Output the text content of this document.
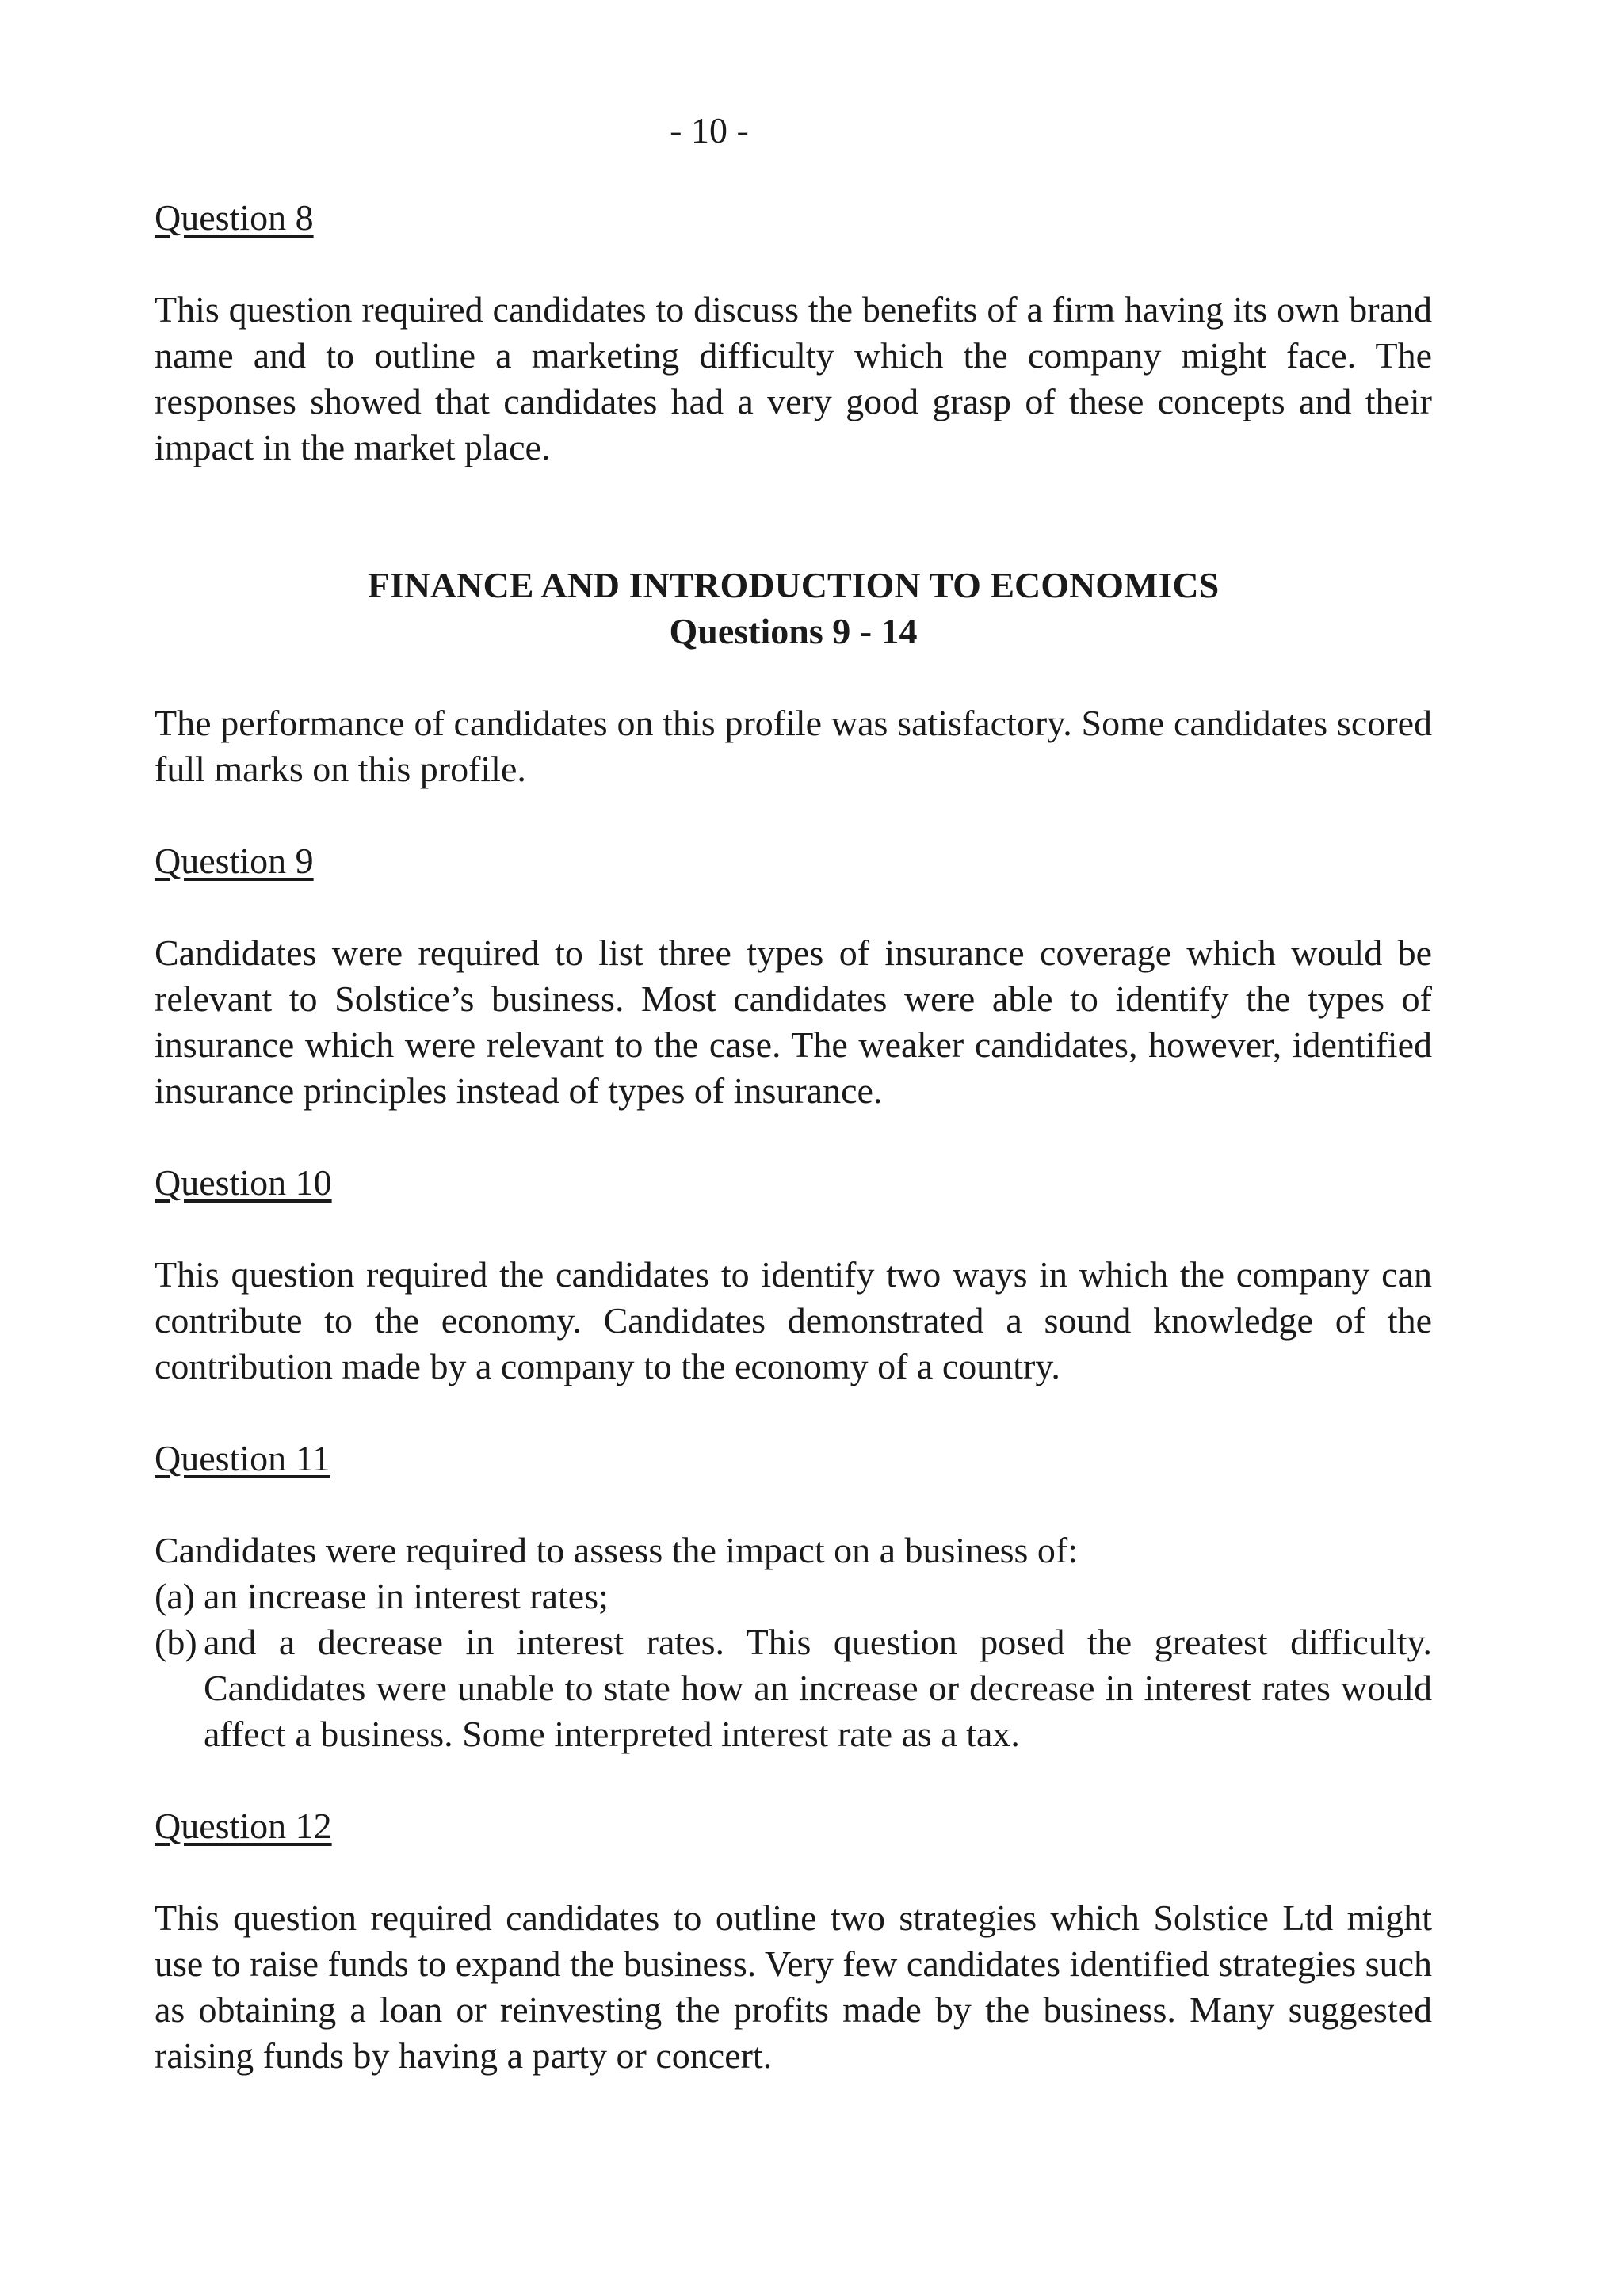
- 10 -
Question 8

This question required candidates to discuss the benefits of a firm having its own brand name and to outline a marketing difficulty which the company might face. The responses showed that candidates had a very good grasp of these concepts and their impact in the market place.

FINANCE AND INTRODUCTION TO ECONOMICS
Questions 9 - 14

The performance of candidates on this profile was satisfactory. Some candidates scored full marks on this profile.

Question 9

Candidates were required to list three types of insurance coverage which would be relevant to Solstice’s business. Most candidates were able to identify the types of insurance which were relevant to the case. The weaker candidates, however, identified insurance principles instead of types of insurance.

Question 10

This question required the candidates to identify two ways in which the company can contribute to the economy. Candidates demonstrated a sound knowledge of the contribution made by a company to the economy of a country.

Question 11

Candidates were required to assess the impact on a business of:

(a) an increase in interest rates;
(b) and a decrease in interest rates. This question posed the greatest difficulty. Candidates were unable to state how an increase or decrease in interest rates would affect a business. Some interpreted interest rate as a tax.
Question 12

This question required candidates to outline two strategies which Solstice Ltd might use to raise funds to expand the business. Very few candidates identified strategies such as obtaining a loan or reinvesting the profits made by the business. Many suggested raising funds by having a party or concert.
